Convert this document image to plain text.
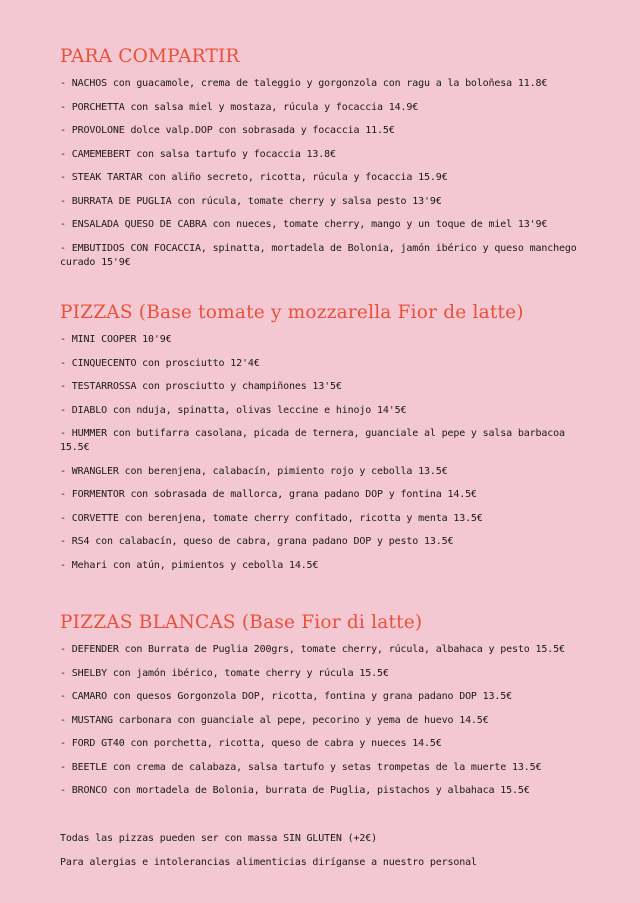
PARA COMPARTIR
- NACHOS con guacamole, crema de taleggio y gorgonzola con ragu a la boloñesa 11.8€
- PORCHETTA con salsa miel y mostaza, rúcula y focaccia 14.9€
- PROVOLONE dolce valp.DOP con sobrasada y focaccia 11.5€
- CAMEMEBERT con salsa tartufo y focaccia 13.8€
- STEAK TARTAR con aliño secreto, ricotta, rúcula y focaccia 15.9€
- BURRATA DE PUGLIA con rúcula, tomate cherry y salsa pesto 13'9€
- ENSALADA QUESO DE CABRA con nueces, tomate cherry, mango y un toque de miel 13'9€
- EMBUTIDOS CON FOCACCIA, spinatta, mortadela de Bolonia, jamón ibérico y queso manchego curado 15'9€
PIZZAS (Base tomate y mozzarella Fior de latte)
- MINI COOPER 10'9€
- CINQUECENTO con prosciutto 12'4€
- TESTARROSSA con prosciutto y champiñones 13'5€
- DIABLO con nduja, spinatta, olivas leccine e hinojo 14'5€
- HUMMER con butifarra casolana, picada de ternera, guanciale al pepe y salsa barbacoa 15.5€
- WRANGLER con berenjena, calabacín, pimiento rojo y cebolla 13.5€
- FORMENTOR con sobrasada de mallorca, grana padano DOP y fontina 14.5€
- CORVETTE con berenjena, tomate cherry confitado, ricotta y menta 13.5€
- RS4 con calabacín, queso de cabra, grana padano DOP y pesto 13.5€
- Mehari con atún, pimientos y cebolla 14.5€
PIZZAS BLANCAS (Base Fior di latte)
- DEFENDER con Burrata de Puglia 200grs, tomate cherry, rúcula, albahaca y pesto 15.5€
- SHELBY con jamón ibérico, tomate cherry y rúcula 15.5€
- CAMARO con quesos Gorgonzola DOP, ricotta, fontina y grana padano DOP 13.5€
- MUSTANG carbonara con guanciale al pepe, pecorino y yema de huevo 14.5€
- FORD GT40 con porchetta, ricotta, queso de cabra y nueces 14.5€
- BEETLE con crema de calabaza, salsa tartufo y setas trompetas de la muerte 13.5€
- BRONCO con mortadela de Bolonia, burrata de Puglia, pistachos y albahaca 15.5€
Todas las pizzas pueden ser con massa SIN GLUTEN (+2€)
Para alergias e intolerancias alimenticias diríganse a nuestro personal
